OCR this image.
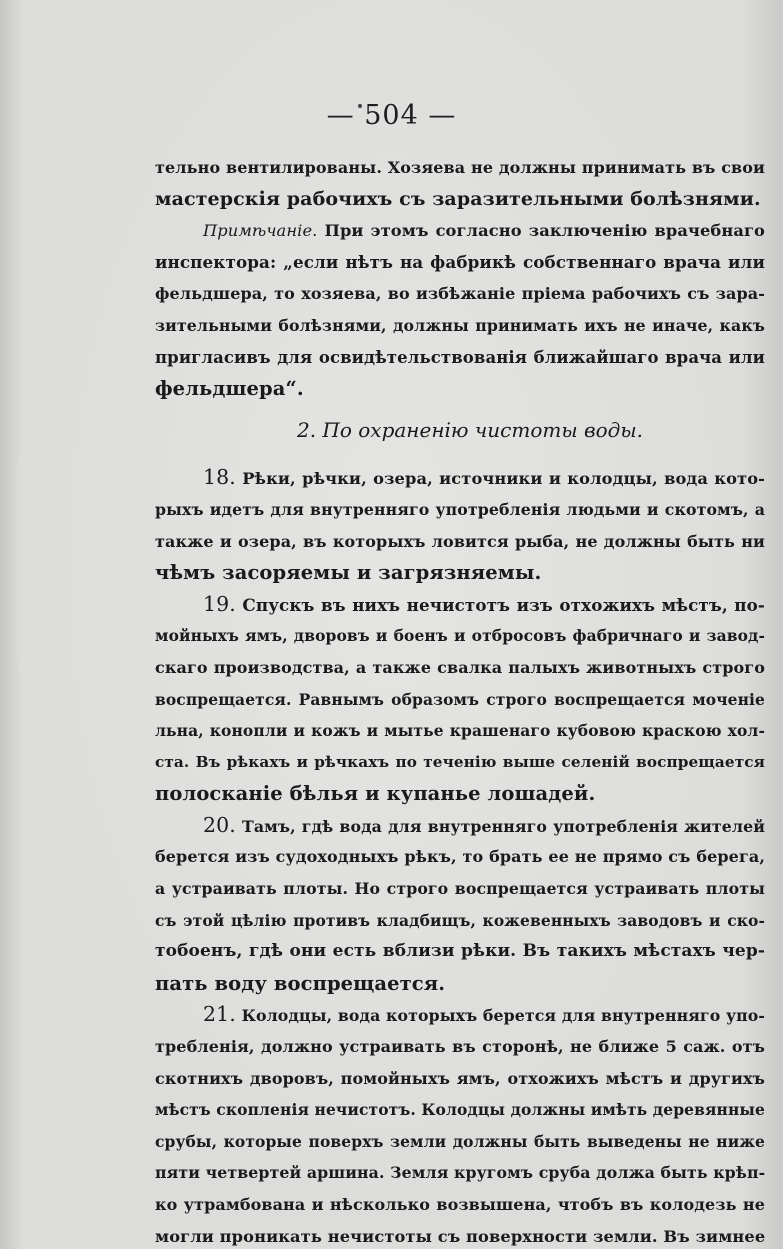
— 504 —
тельно вентилированы. Хозяева не должны принимать въ свои
мастерскія рабочихъ съ заразительными болѣзнями.
Примѣчаніе. При этомъ согласно заключенію врачебнаго
инспектора: „если нѣтъ на фабрикѣ собственнаго врача или
фельдшера, то хозяева, во избѣжаніе пріема рабочихъ съ зара-
зительными болѣзнями, должны принимать ихъ не иначе, какъ
пригласивъ для освидѣтельствованія ближайшаго врача или
фельдшера“.
2. По охраненію чистоты воды.
18. Рѣки, рѣчки, озера, источники и колодцы, вода кото-
рыхъ идетъ для внутренняго употребленія людьми и скотомъ, а
также и озера, въ которыхъ ловится рыба, не должны быть ни
чѣмъ засоряемы и загрязняемы.
19. Спускъ въ нихъ нечистотъ изъ отхожихъ мѣстъ, по-
мойныхъ ямъ, дворовъ и боенъ и отбросовъ фабричнаго и завод-
скаго производства, а также свалка палыхъ животныхъ строго
воспрещается. Равнымъ образомъ строго воспрещается моченіе
льна, конопли и кожъ и мытье крашенаго кубовою краскою хол-
ста. Въ рѣкахъ и рѣчкахъ по теченію выше селеній воспрещается
полосканіе бѣлья и купанье лошадей.
20. Тамъ, гдѣ вода для внутренняго употребленія жителей
берется изъ судоходныхъ рѣкъ, то брать ее не прямо съ берега,
а устраивать плоты. Но строго воспрещается устраивать плоты
съ этой цѣлію противъ кладбищъ, кожевенныхъ заводовъ и ско-
тобоенъ, гдѣ они есть вблизи рѣки. Въ такихъ мѣстахъ чер-
пать воду воспрещается.
21. Колодцы, вода которыхъ берется для внутренняго упо-
требленія, должно устраивать въ сторонѣ, не ближе 5 саж. отъ
скотнихъ дворовъ, помойныхъ ямъ, отхожихъ мѣстъ и другихъ
мѣстъ скопленія нечистотъ. Колодцы должны имѣть деревянные
срубы, которые поверхъ земли должны быть выведены не ниже
пяти четвертей аршина. Земля кругомъ сруба должа быть крѣп-
ко утрамбована и нѣсколько возвышена, чтобъ въ колодезь не
могли проникать нечистоты съ поверхности земли. Въ зимнее
